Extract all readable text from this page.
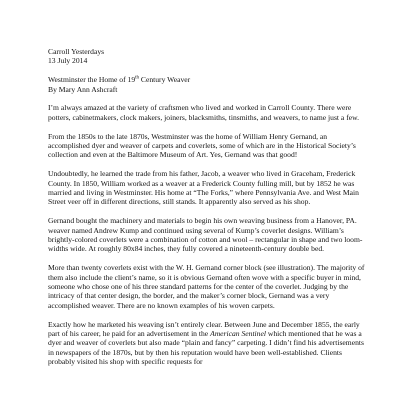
Carroll Yesterdays
13 July 2014
Westminster the Home of 19th Century Weaver
By Mary Ann Ashcraft

I’m always amazed at the variety of craftsmen who lived and worked in Carroll County. There were potters, cabinetmakers, clock makers, joiners, blacksmiths, tinsmiths, and weavers, to name just a few.

From the 1850s to the late 1870s, Westminster was the home of William Henry Gernand, an accomplished dyer and weaver of carpets and coverlets, some of which are in the Historical Society’s collection and even at the Baltimore Museum of Art. Yes, Gernand was that good!

Undoubtedly, he learned the trade from his father, Jacob, a weaver who lived in Graceham, Frederick County. In 1850, William worked as a weaver at a Frederick County fulling mill, but by 1852 he was married and living in Westminster. His home at “The Forks,” where Pennsylvania Ave. and West Main Street veer off in different directions, still stands. It apparently also served as his shop.

Gernand bought the machinery and materials to begin his own weaving business from a Hanover, PA. weaver named Andrew Kump and continued using several of Kump’s coverlet designs. William’s brightly-colored coverlets were a combination of cotton and wool – rectangular in shape and two loom-widths wide. At roughly 80x84 inches, they fully covered a nineteenth-century double bed.

More than twenty coverlets exist with the W. H. Gernand corner block (see illustration). The majority of them also include the client’s name, so it is obvious Gernand often wove with a specific buyer in mind, someone who chose one of his three standard patterns for the center of the coverlet. Judging by the intricacy of that center design, the border, and the maker’s corner block, Gernand was a very accomplished weaver. There are no known examples of his woven carpets.

Exactly how he marketed his weaving isn’t entirely clear. Between June and December 1855, the early part of his career, he paid for an advertisement in the American Sentinel which mentioned that he was a dyer and weaver of coverlets but also made “plain and fancy” carpeting. I didn’t find his advertisements in newspapers of the 1870s, but by then his reputation would have been well-established. Clients probably visited his shop with specific requests for
